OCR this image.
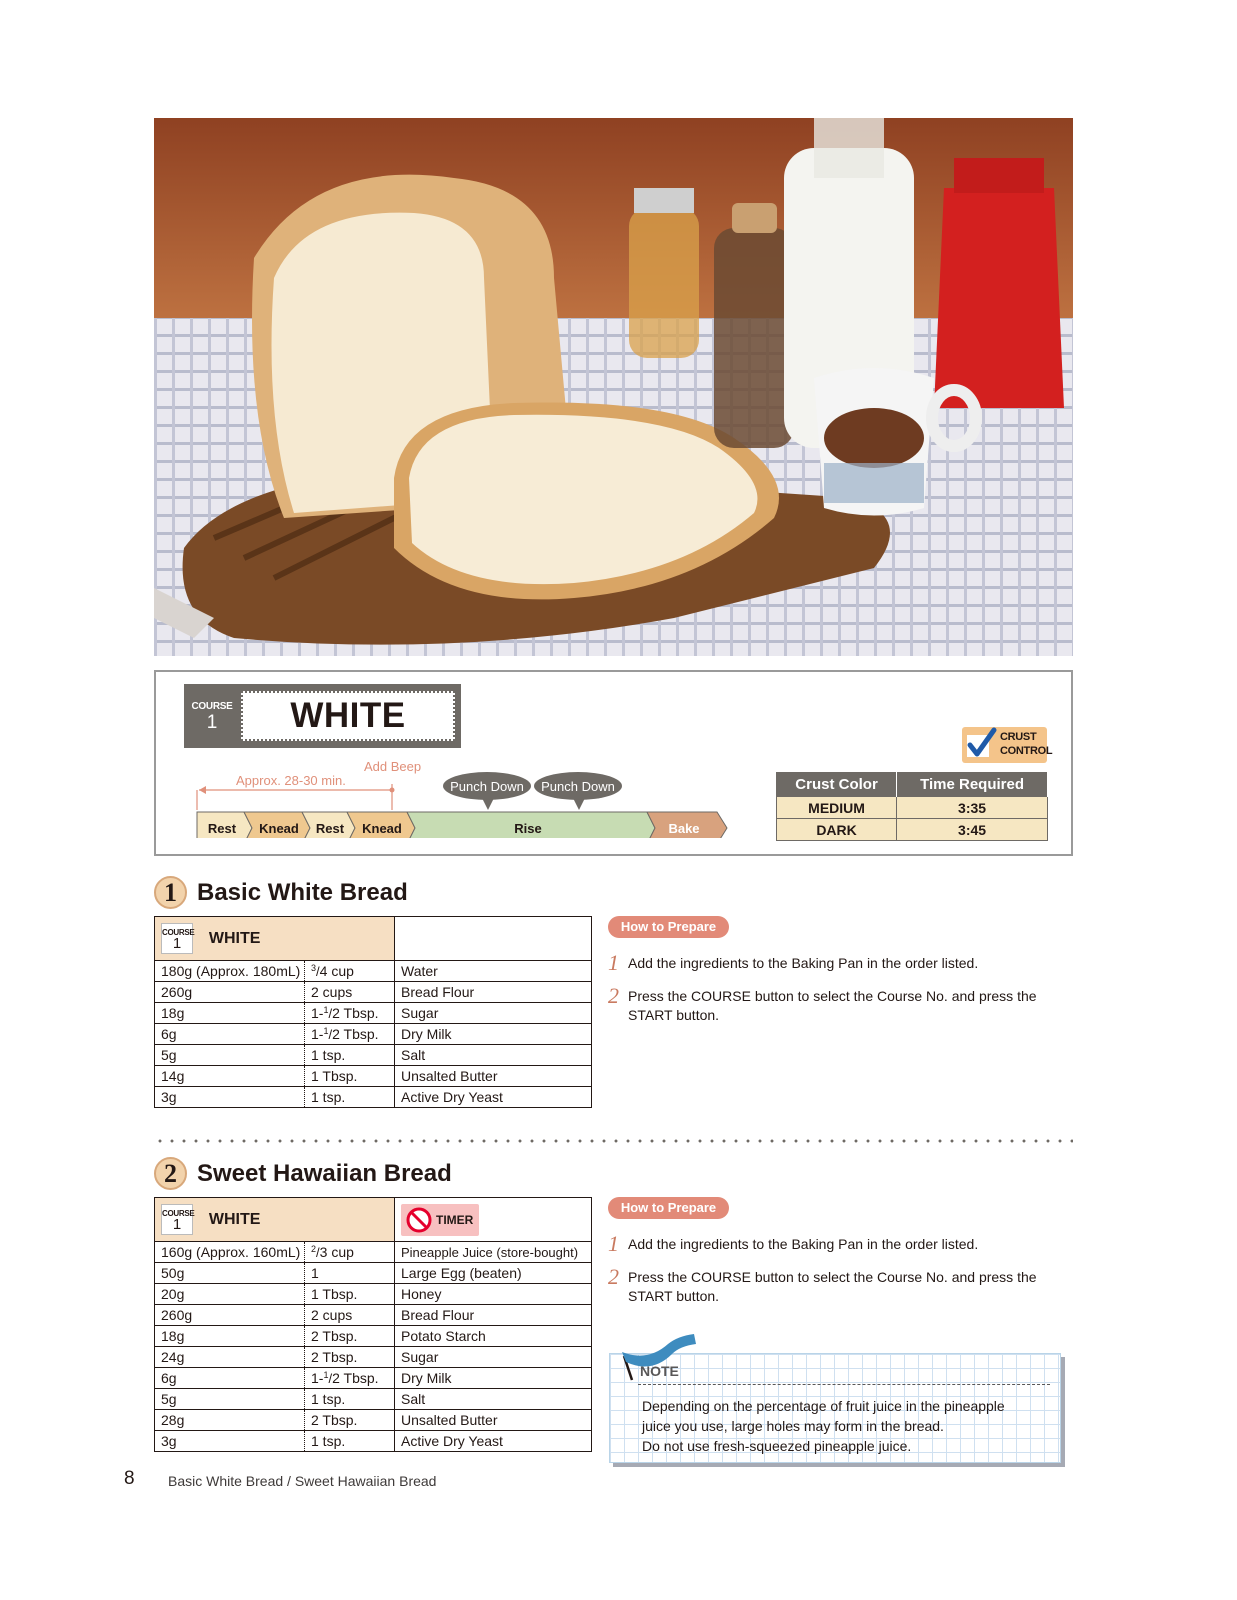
COURSE
1	WHITE
CRUST
CONTROL
Crust Color	Time Required
MEDIUM	3:35
DARK	3:45
Approx. 28-30 min.
Add Beep
Punch Down Punch Down
Rest Knead Rest Knead	Rise	Bake
1 Basic White Bread
COURSE
1 WHITE		
180g (Approx. 180mL)	$^3$/4 cup	Water
260g	2 cups	Bread Flour
18g	1-$^1$/2 Tbsp.	Sugar
6g	1-$^1$/2 Tbsp.	Dry Milk
5g	1 tsp.	Salt
14g	1 Tbsp.	Unsalted Butter
3g	1 tsp.	Active Dry Yeast
How to Prepare
1 Add the ingredients to the Baking Pan in the order listed.
2 Press the COURSE button to select the Course No. and press the START button.
2 Sweet Hawaiian Bread
COURSE
1 WHITE		TIMER

160g (Approx. 160mL)	$^2$/3 cup	Pineapple Juice (store-bought)
50g	1	Large Egg (beaten)
20g	1 Tbsp.	Honey
260g	2 cups	Bread Flour
18g	2 Tbsp.	Potato Starch
24g	2 Tbsp.	Sugar
6g	1-$^1$/2 Tbsp.	Dry Milk
5g	1 tsp.	Salt
28g	2 Tbsp.	Unsalted Butter
3g	1 tsp.	Active Dry Yeast
How to Prepare
1 Add the ingredients to the Baking Pan in the order listed.
2 Press the COURSE button to select the Course No. and press the START button.
NOTE
Depending on the percentage of fruit juice in the pineapple
juice you use, large holes may form in the bread.
Do not use fresh-squeezed pineapple juice.
8 Basic White Bread / Sweet Hawaiian Bread
